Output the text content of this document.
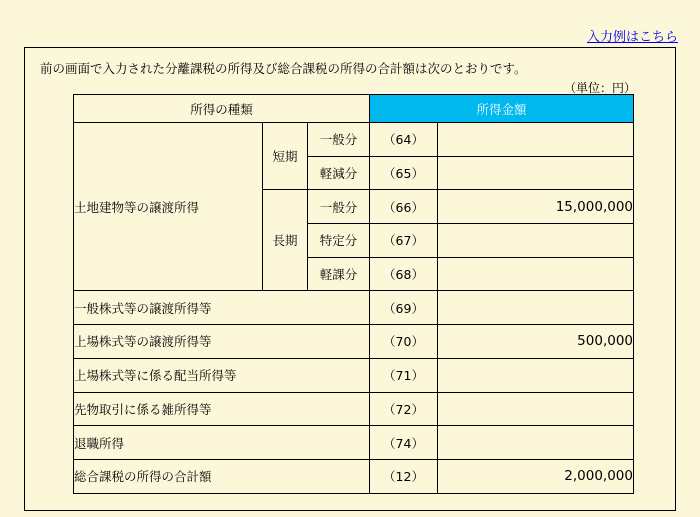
入力例はこちら
前の画面で入力された分離課税の所得及び総合課税の所得の合計額は次のとおりです。
（単位：円）
所得の種類			所得金額	
土地建物等の譲渡所得	短期	一般分	（64）	
		軽減分	（65）	
	長期	一般分	（66）	15,000,000
		特定分	（67）	
		軽課分	（68）	
一般株式等の譲渡所得等			（69）	
上場株式等の譲渡所得等			（70）	500,000
上場株式等に係る配当所得等			（71）	
先物取引に係る雑所得等			（72）	
退職所得			（74）	
総合課税の所得の合計額			（12）	2,000,000
